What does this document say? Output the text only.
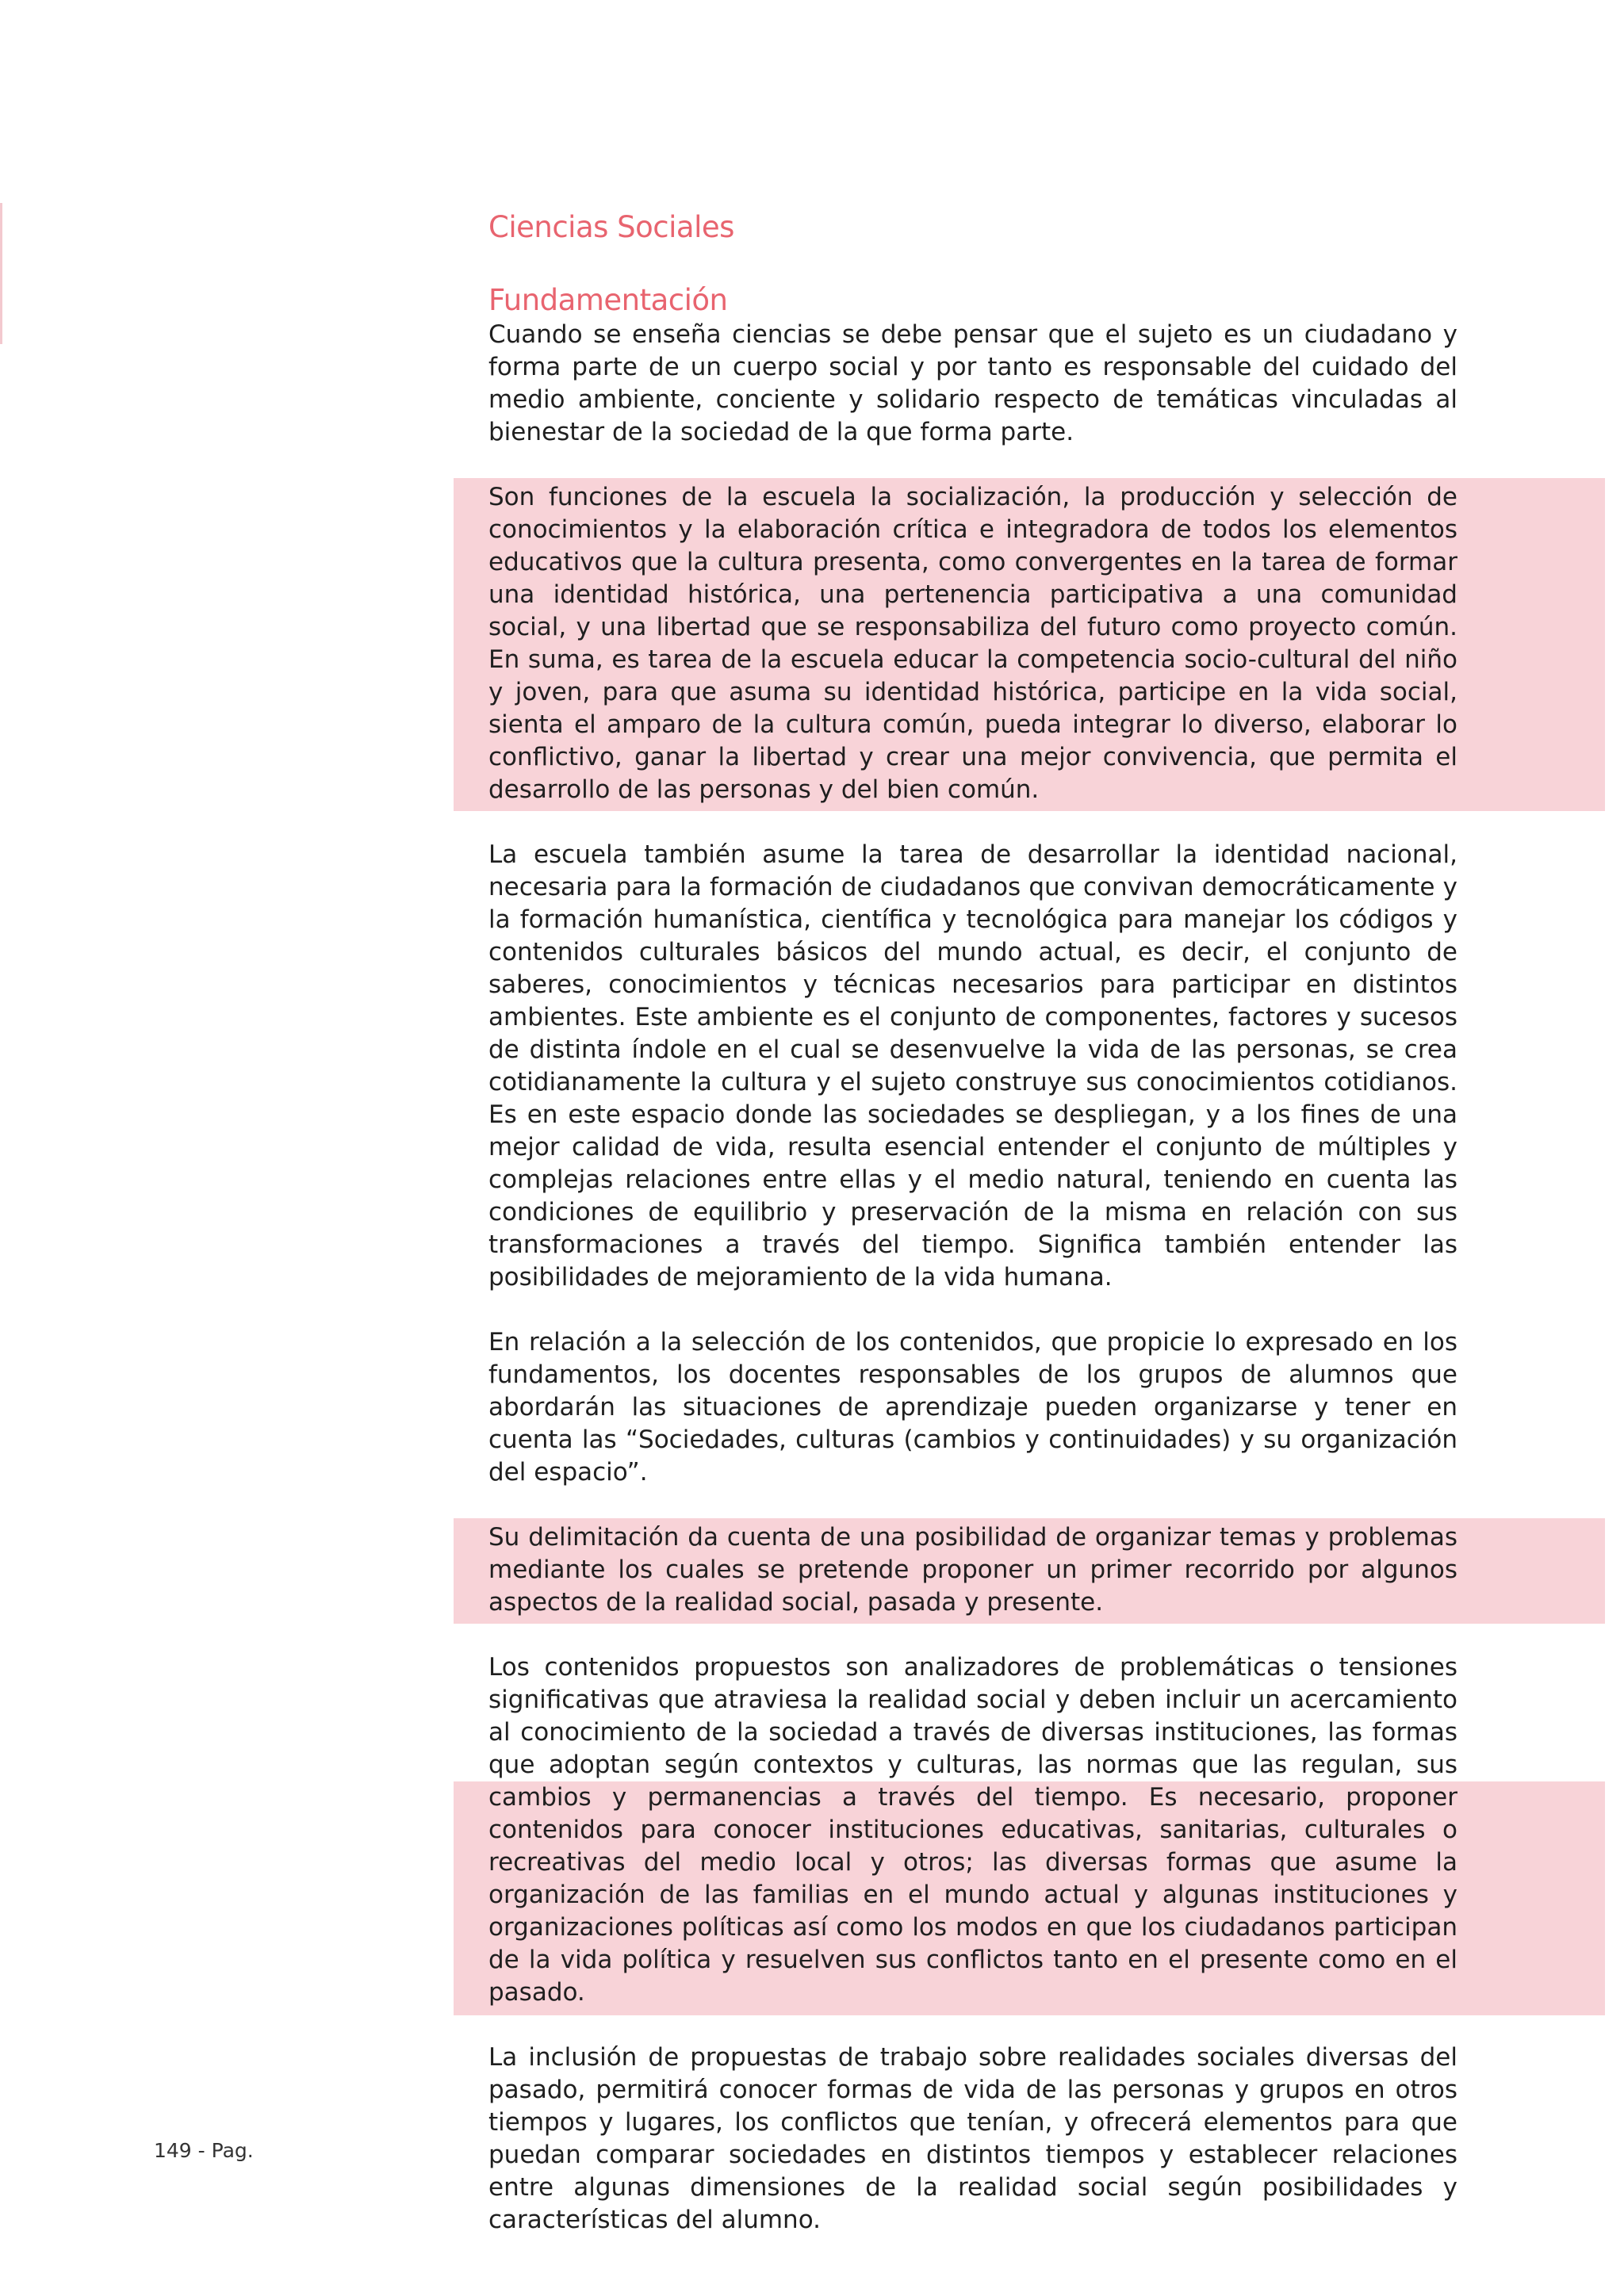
Ciencias Sociales
Fundamentación

Cuando se enseña ciencias se debe pensar que el sujeto es un ciudadano y forma parte de un cuerpo social y por tanto es responsable del cuidado del medio ambiente, conciente y solidario respecto de temáticas vinculadas al bienestar de la sociedad de la que forma parte.

Son funciones de la escuela la socialización, la producción y selección de conocimientos y la elaboración crítica e integradora de todos los elementos educativos que la cultura presenta, como convergentes en la tarea de formar una identidad histórica, una pertenencia participativa a una comunidad social, y una libertad que se responsabiliza del futuro como proyecto común. En suma, es tarea de la escuela educar la competencia socio-cultural del niño y joven, para que asuma su identidad histórica, participe en la vida social, sienta el amparo de la cultura común, pueda integrar lo diverso, elaborar lo conflictivo, ganar la libertad y crear una mejor convivencia, que permita el desarrollo de las personas y del bien común.

La escuela también asume la tarea de desarrollar la identidad nacional, necesaria para la formación de ciudadanos que convivan democráticamente y la formación humanística, científica y tecnológica para manejar los códigos y contenidos culturales básicos del mundo actual, es decir, el conjunto de saberes, conocimientos y técnicas necesarios para participar en distintos ambientes. Este ambiente es el conjunto de componentes, factores y sucesos de distinta índole en el cual se desenvuelve la vida de las personas, se crea cotidianamente la cultura y el sujeto construye sus conocimientos cotidianos. Es en este espacio donde las sociedades se despliegan, y a los fines de una mejor calidad de vida, resulta esencial entender el conjunto de múltiples y complejas relaciones entre ellas y el medio natural, teniendo en cuenta las condiciones de equilibrio y preservación de la misma en relación con sus transformaciones a través del tiempo. Significa también entender las posibilidades de mejoramiento de la vida humana.

En relación a la selección de los contenidos, que propicie lo expresado en los fundamentos, los docentes responsables de los grupos de alumnos que abordarán las situaciones de aprendizaje pueden organizarse y tener en cuenta las “Sociedades, culturas (cambios y continuidades) y su organización del espacio”.

Su delimitación da cuenta de una posibilidad de organizar temas y problemas mediante los cuales se pretende proponer un primer recorrido por algunos aspectos de la realidad social, pasada y presente.

Los contenidos propuestos son analizadores de problemáticas o tensiones significativas que atraviesa la realidad social y deben incluir un acercamiento al conocimiento de la sociedad a través de diversas instituciones, las formas que adoptan según contextos y culturas, las normas que las regulan, sus cambios y permanencias a través del tiempo. Es necesario, proponer contenidos para conocer instituciones educativas, sanitarias, culturales o recreativas del medio local y otros; las diversas formas que asume la organización de las familias en el mundo actual y algunas instituciones y organizaciones políticas así como los modos en que los ciudadanos participan de la vida política y resuelven sus conflictos tanto en el presente como en el pasado.

La inclusión de propuestas de trabajo sobre realidades sociales diversas del pasado, permitirá conocer formas de vida de las personas y grupos en otros tiempos y lugares, los conflictos que tenían, y ofrecerá elementos para que puedan comparar sociedades en distintos tiempos y establecer relaciones entre algunas dimensiones de la realidad social según posibilidades y características del alumno.

149 - Pag.
